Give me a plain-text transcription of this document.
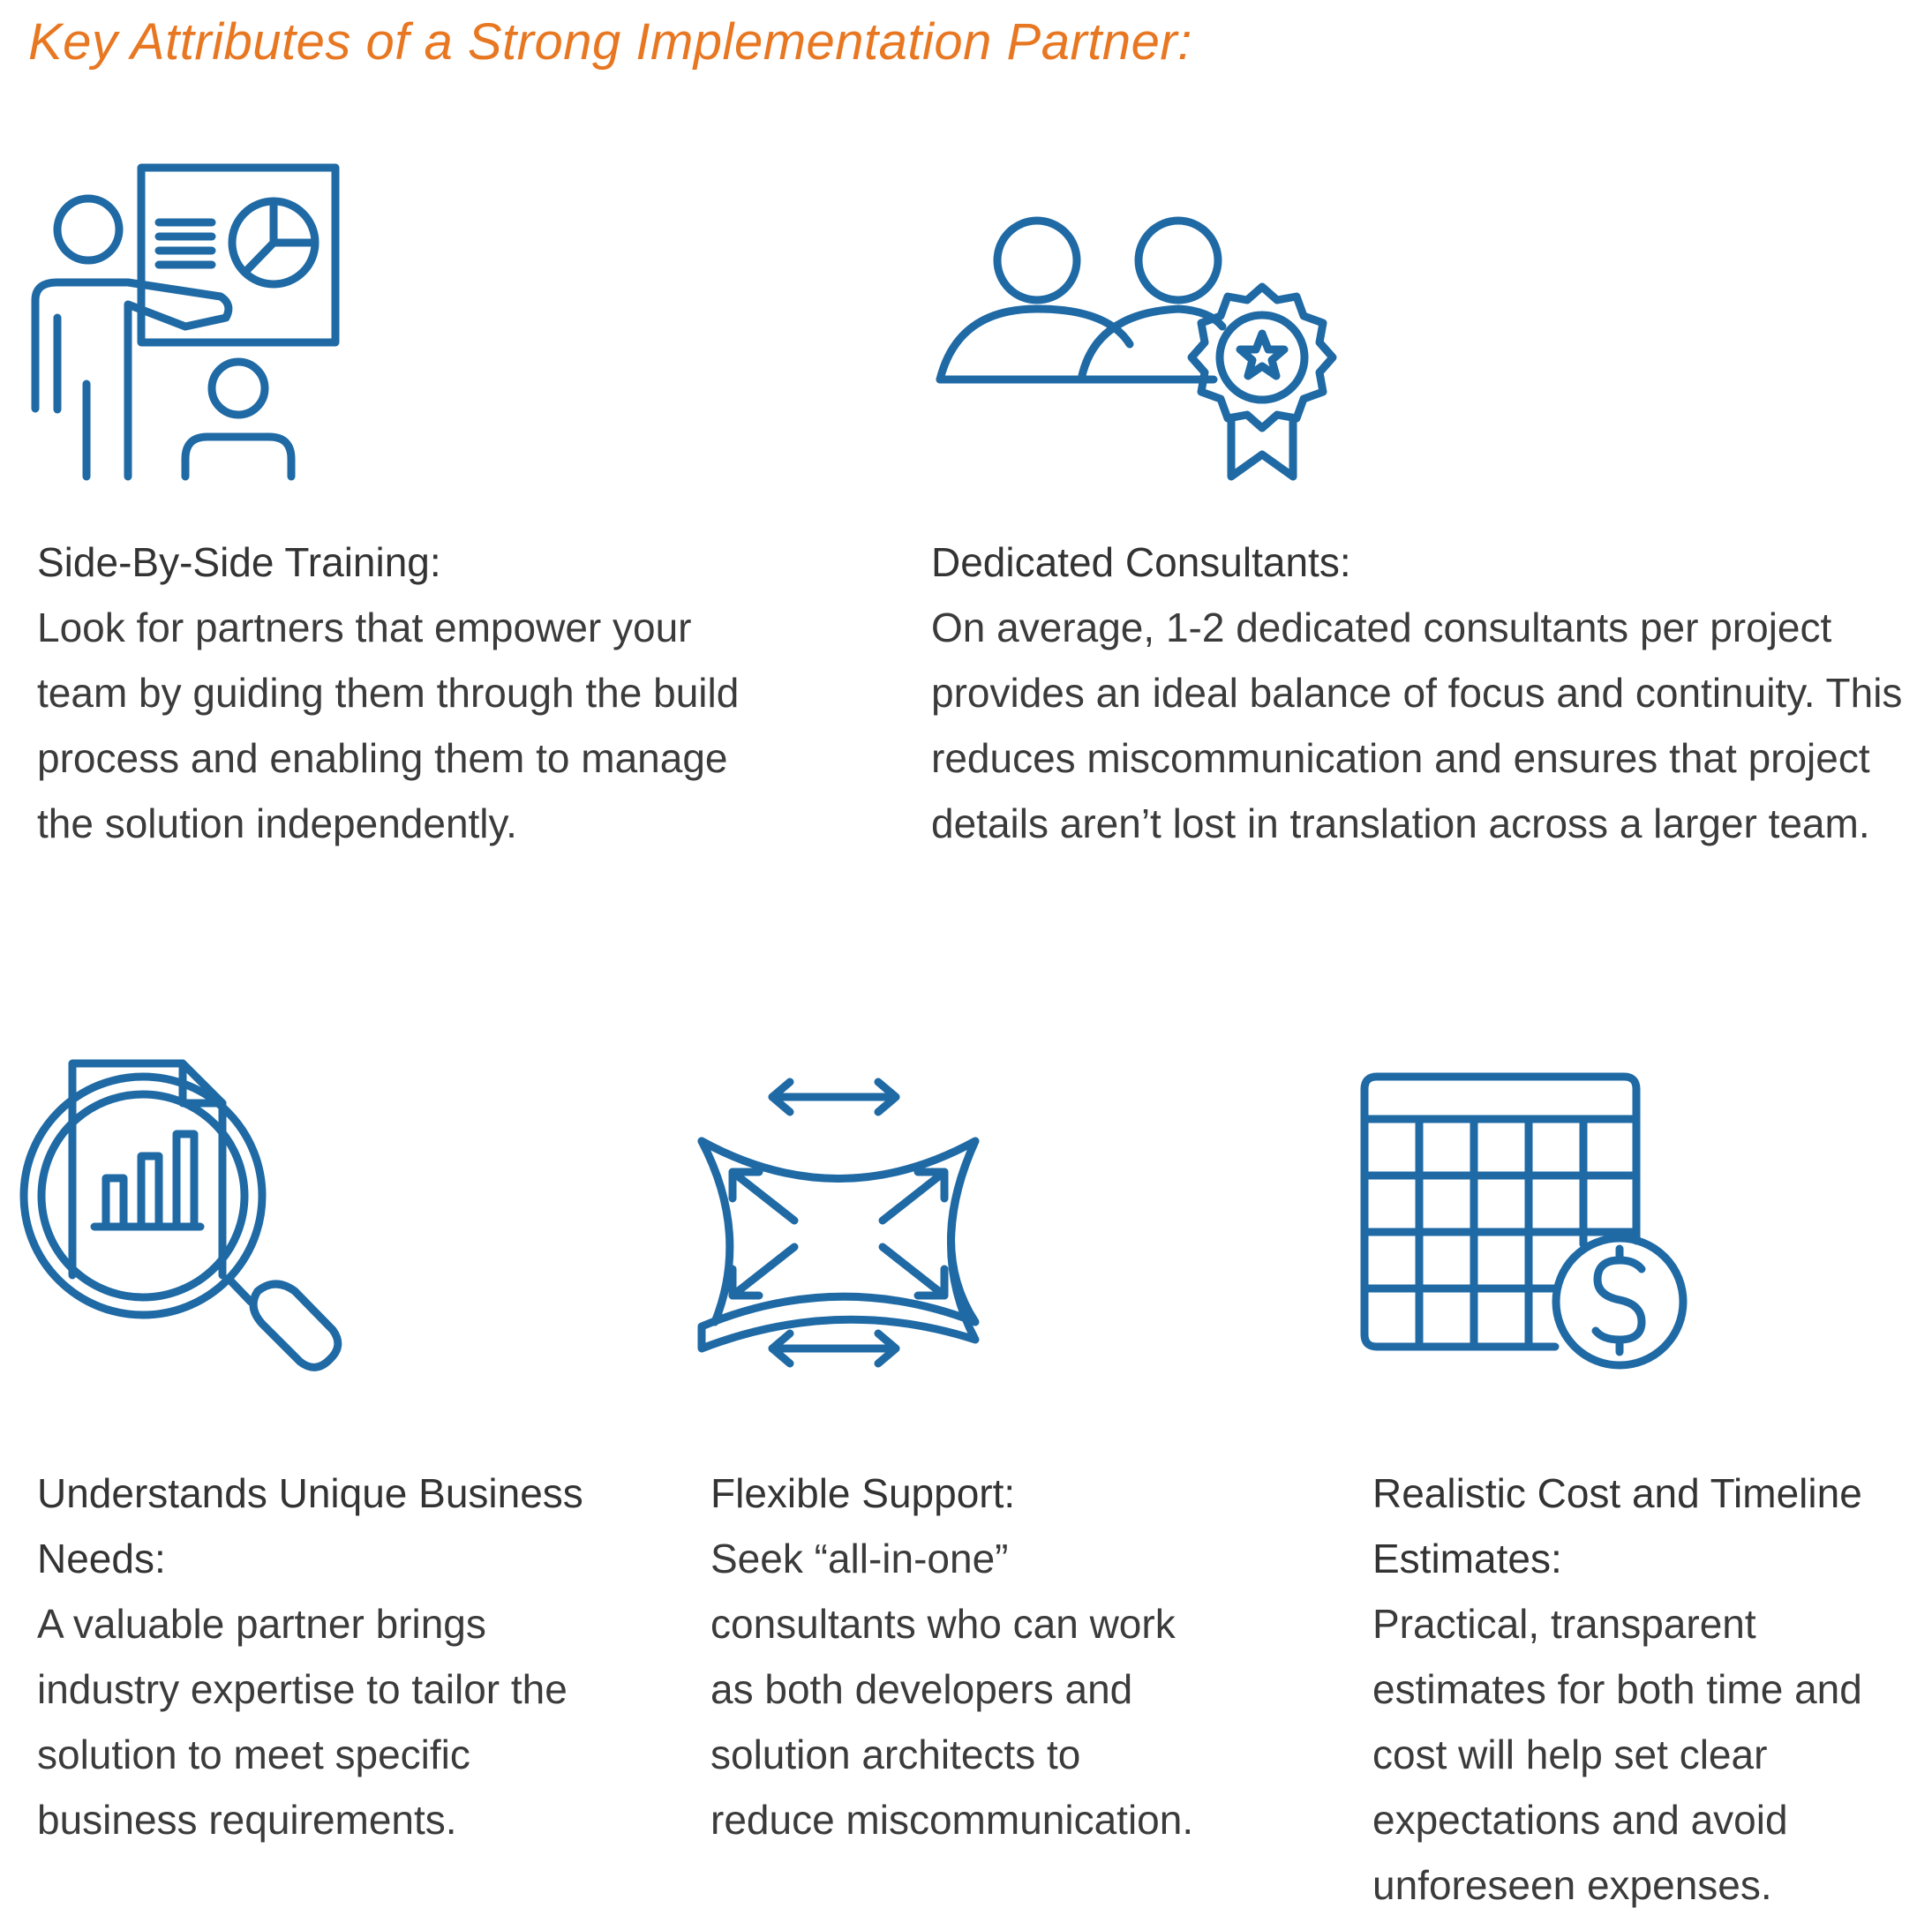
Key Attributes of a Strong Implementation Partner:

Side-By-Side Training:

Look for partners that empower your team by guiding them through the build process and enabling them to manage the solution independently.

Dedicated Consultants:

On average, 1-2 dedicated consultants per project provides an ideal balance of focus and continuity. This reduces miscommunication and ensures that project details aren’t lost in translation across a larger team.

Understands Unique Business Needs:

A valuable partner brings industry expertise to tailor the solution to meet specific business requirements.

Flexible Support:

Seek “all-in-one” consultants who can work as both developers and solution architects to reduce miscommunication.

Realistic Cost and Timeline Estimates:

Practical, transparent estimates for both time and cost will help set clear expectations and avoid unforeseen expenses.
